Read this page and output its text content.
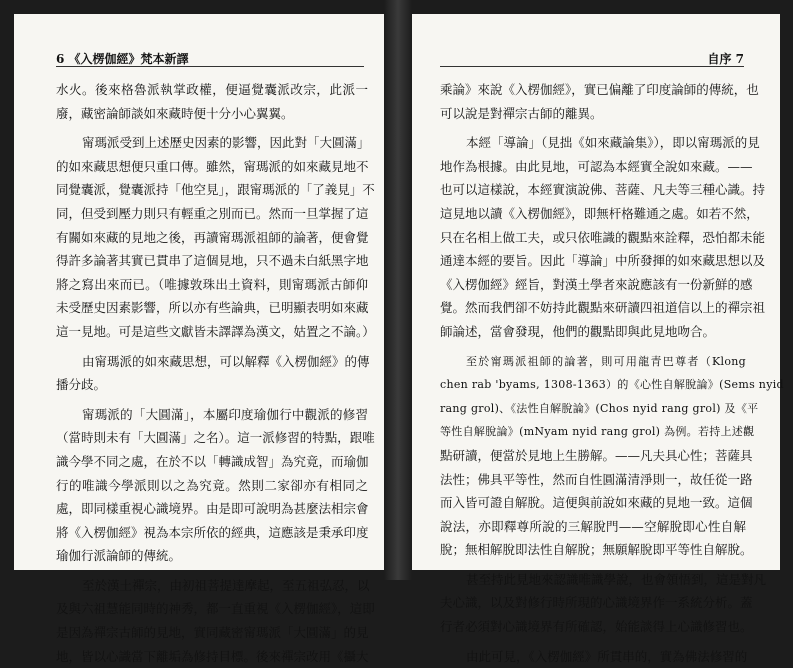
6 《入楞伽經》梵本新譯
水火。後來格魯派執掌政權，便逼覺囊派改宗，此派一
廢，藏密論師談如來藏時便十分小心翼翼。
甯瑪派受到上述歷史因素的影響，因此對「大圓滿」
的如來藏思想便只重口傳。雖然，甯瑪派的如來藏見地不
同覺囊派，覺囊派持「他空見」，跟甯瑪派的「了義見」不
同，但受到壓力則只有輕重之別而已。然而一旦掌握了這
有關如來藏的見地之後，再讀甯瑪派祖師的論著，便會覺
得許多論著其實已貫串了這個見地，只不過未白紙黑字地
將之寫出來而已。（唯據敦珠出土資料，則甯瑪派古師仰
未受歷史因素影響，所以亦有些論典，已明顯表明如來藏
這一見地。可是這些文獻皆未譯譯為漢文，姑置之不論。）
由甯瑪派的如來藏思想，可以解釋《入楞伽經》的傳
播分歧。
甯瑪派的「大圓滿」，本屬印度瑜伽行中觀派的修習
（當時則未有「大圓滿」之名）。這一派修習的特點，跟唯
識今學不同之處，在於不以「轉識成智」為究竟，而瑜伽
行的唯識今學派則以之為究竟。然則二家卻亦有相同之
處，即同樣重視心識境界。由是即可說明為甚麼法相宗會
將《入楞伽經》視為本宗所依的經典，這應該是秉承印度
瑜伽行派論師的傳統。
至於漢土禪宗，由初祖菩提達摩起，至五祖弘忍，以
及與六祖慧能同時的神秀，都一直重視《入楞伽經》，這即
是因為禪宗古師的見地，實同藏密甯瑪派「大圓滿」的見
地，皆以心識當下離垢為修持目標。後來禪宗改用《攝大
自序 7
乘論》來說《入楞伽經》，實已偏離了印度論師的傳統，也
可以說是對禪宗古師的離異。
本經「導論」（見拙《如來藏論集》），即以甯瑪派的見
地作為根據。由此見地，可認為本經實全說如來藏。——
也可以這樣說，本經實演說佛、菩薩、凡夫等三種心識。持
這見地以讀《入楞伽經》，即無杆格難通之處。如若不然，
只在名相上做工夫，或只依唯識的觀點來詮釋，恐怕都未能
通達本經的要旨。因此「導論」中所發揮的如來藏思想以及
《入楞伽經》經旨，對漢土學者來說應該有一份新鮮的感
覺。然而我們卻不妨持此觀點來研讀四祖道信以上的禪宗祖
師論述，當會發現，他們的觀點即與此見地吻合。
至於甯瑪派祖師的論著，則可用龍青巴尊者（Klong
chen rab 'byams, 1308-1363）的《心性自解脫論》(Sems nyid
rang grol)、《法性自解脫論》(Chos nyid rang grol) 及《平
等性自解脫論》(mNyam nyid rang grol) 為例。若持上述觀
點研讀，便當於見地上生勝解。——凡夫具心性；菩薩具
法性；佛具平等性，然而自性圓滿清淨則一，故任從一路
而入皆可證自解脫。這便與前說如來藏的見地一致。這個
說法，亦即釋尊所說的三解脫門——空解脫即心性自解
脫；無相解脫即法性自解脫；無願解脫即平等性自解脫。
甚至持此見地來認識唯識學說，也會領悟到，這是對凡
夫心識，以及對修行時所現的心識境界作一系統分析。蓋
行者必須對心識境界有所確認，始能談得上心識修習也。
由此可見，《入楞伽經》所貫串的，實為佛法修習的
